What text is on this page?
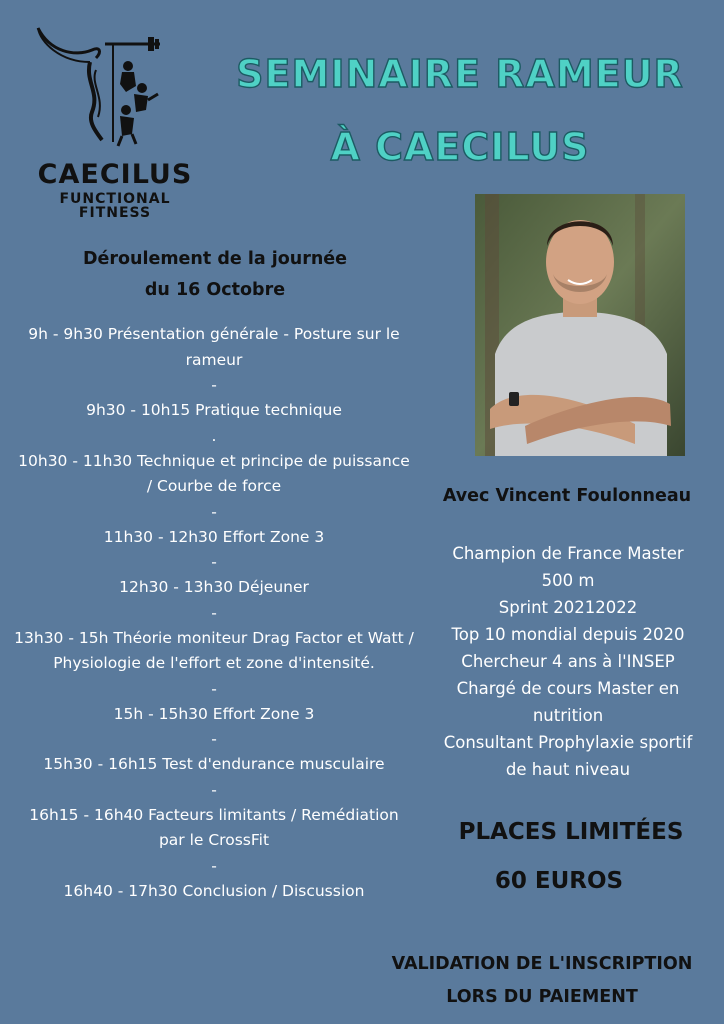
CAECILUS
FUNCTIONAL
FITNESS
SEMINAIRE RAMEUR
À CAECILUS
Déroulement de la journée
du 16 Octobre
9h - 9h30 Présentation générale - Posture sur le rameur
-
9h30 - 10h15 Pratique technique
.
10h30 - 11h30 Technique et principe de puissance / Courbe de force
-
11h30 - 12h30 Effort Zone 3
-
12h30 - 13h30 Déjeuner
-
13h30 - 15h Théorie moniteur Drag Factor et Watt /
Physiologie de l'effort et zone d'intensité.
-
15h - 15h30 Effort Zone 3
-
15h30 - 16h15 Test d'endurance musculaire
-
16h15 - 16h40 Facteurs limitants / Remédiation par le CrossFit
-
16h40 - 17h30 Conclusion / Discussion
Avec Vincent Foulonneau
Champion de France Master
500 m
Sprint 20212022
Top 10 mondial depuis 2020
Chercheur 4 ans à l'INSEP
Chargé de cours Master en
nutrition
Consultant Prophylaxie sportif
de haut niveau
PLACES LIMITÉES
60 EUROS
VALIDATION DE L'INSCRIPTION
LORS DU PAIEMENT
